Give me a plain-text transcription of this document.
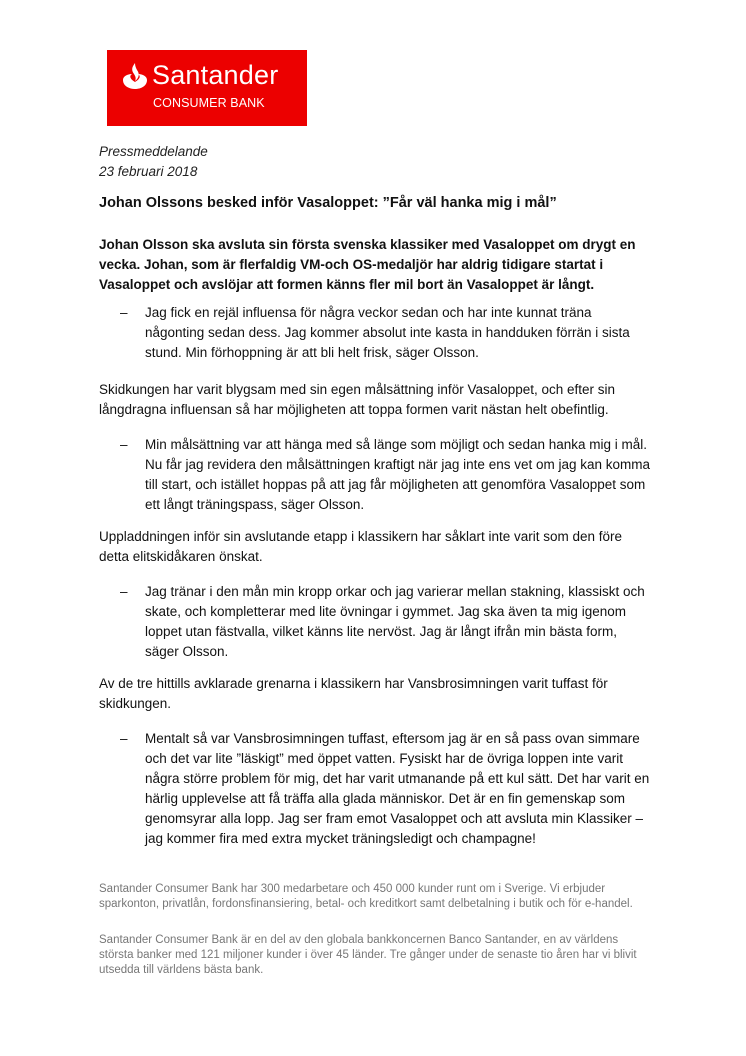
Santander
CONSUMER BANK
Pressmeddelande
23 februari 2018
Johan Olssons besked inför Vasaloppet: ”Får väl hanka mig i mål”

Johan Olsson ska avsluta sin första svenska klassiker med Vasaloppet om drygt en vecka. Johan, som är flerfaldig VM-och OS-medaljör har aldrig tidigare startat i Vasaloppet och avslöjar att formen känns fler mil bort än Vasaloppet är långt.

– Jag fick en rejäl influensa för några veckor sedan och har inte kunnat träna någonting sedan dess. Jag kommer absolut inte kasta in handduken förrän i sista stund. Min förhoppning är att bli helt frisk, säger Olsson.

Skidkungen har varit blygsam med sin egen målsättning inför Vasaloppet, och efter sin långdragna influensan så har möjligheten att toppa formen varit nästan helt obefintlig.

– Min målsättning var att hänga med så länge som möjligt och sedan hanka mig i mål. Nu får jag revidera den målsättningen kraftigt när jag inte ens vet om jag kan komma till start, och istället hoppas på att jag får möjligheten att genomföra Vasaloppet som ett långt träningspass, säger Olsson.

Uppladdningen inför sin avslutande etapp i klassikern har såklart inte varit som den före detta elitskidåkaren önskat.

– Jag tränar i den mån min kropp orkar och jag varierar mellan stakning, klassiskt och skate, och kompletterar med lite övningar i gymmet. Jag ska även ta mig igenom loppet utan fästvalla, vilket känns lite nervöst. Jag är långt ifrån min bästa form, säger Olsson.

Av de tre hittills avklarade grenarna i klassikern har Vansbrosimningen varit tuffast för skidkungen.

– Mentalt så var Vansbrosimningen tuffast, eftersom jag är en så pass ovan simmare och det var lite ”läskigt” med öppet vatten. Fysiskt har de övriga loppen inte varit några större problem för mig, det har varit utmanande på ett kul sätt. Det har varit en härlig upplevelse att få träffa alla glada människor. Det är en fin gemenskap som genomsyrar alla lopp. Jag ser fram emot Vasaloppet och att avsluta min Klassiker – jag kommer fira med extra mycket träningsledigt och champagne!

Santander Consumer Bank har 300 medarbetare och 450 000 kunder runt om i Sverige. Vi erbjuder sparkonton, privatlån, fordonsfinansiering, betal- och kreditkort samt delbetalning i butik och för e-handel.

Santander Consumer Bank är en del av den globala bankkoncernen Banco Santander, en av världens största banker med 121 miljoner kunder i över 45 länder. Tre gånger under de senaste tio åren har vi blivit utsedda till världens bästa bank.
